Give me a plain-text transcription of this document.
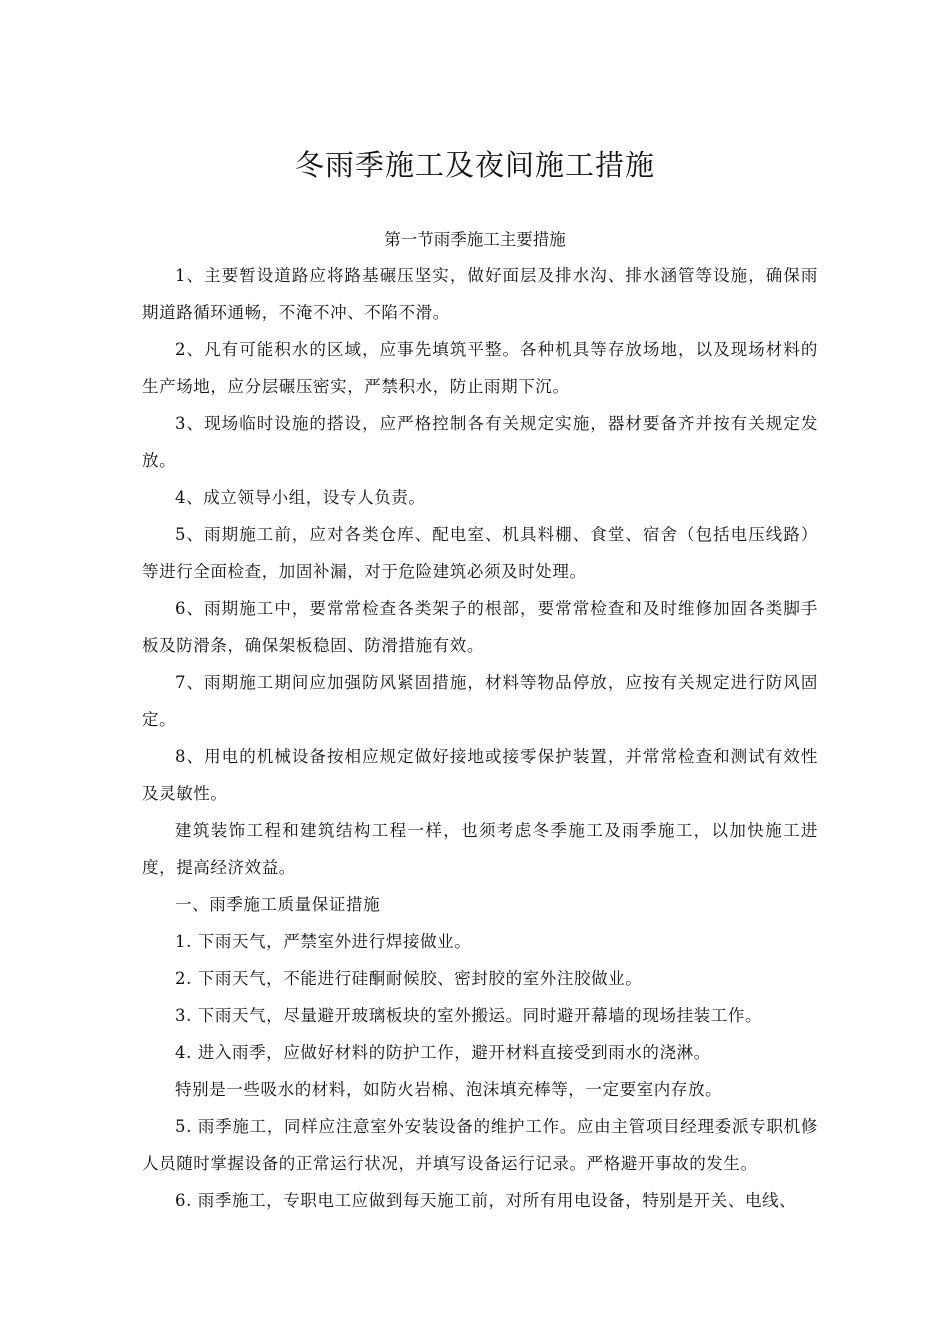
冬雨季施工及夜间施工措施
第一节雨季施工主要措施

1、主要暂设道路应将路基碾压坚实，做好面层及排水沟、排水涵管等设施，确保雨期道路循环通畅，不淹不冲、不陷不滑。

2、凡有可能积水的区域，应事先填筑平整。各种机具等存放场地，以及现场材料的生产场地，应分层碾压密实，严禁积水，防止雨期下沉。

3、现场临时设施的搭设，应严格控制各有关规定实施，器材要备齐并按有关规定发放。

4、成立领导小组，设专人负责。

5、雨期施工前，应对各类仓库、配电室、机具料棚、食堂、宿舍（包括电压线路）等进行全面检查，加固补漏，对于危险建筑必须及时处理。

6、雨期施工中，要常常检查各类架子的根部，要常常检查和及时维修加固各类脚手板及防滑条，确保架板稳固、防滑措施有效。

7、雨期施工期间应加强防风紧固措施，材料等物品停放，应按有关规定进行防风固定。

8、用电的机械设备按相应规定做好接地或接零保护装置，并常常检查和测试有效性及灵敏性。

建筑装饰工程和建筑结构工程一样，也须考虑冬季施工及雨季施工，以加快施工进度，提高经济效益。

一、雨季施工质量保证措施

1. 下雨天气，严禁室外进行焊接做业。

2. 下雨天气，不能进行硅酮耐候胶、密封胶的室外注胶做业。

3. 下雨天气，尽量避开玻璃板块的室外搬运。同时避开幕墙的现场挂装工作。

4. 进入雨季，应做好材料的防护工作，避开材料直接受到雨水的浇淋。

特别是一些吸水的材料，如防火岩棉、泡沫填充棒等，一定要室内存放。

5. 雨季施工，同样应注意室外安装设备的维护工作。应由主管项目经理委派专职机修人员随时掌握设备的正常运行状况，并填写设备运行记录。严格避开事故的发生。

6. 雨季施工，专职电工应做到每天施工前，对所有用电设备，特别是开关、电线、
